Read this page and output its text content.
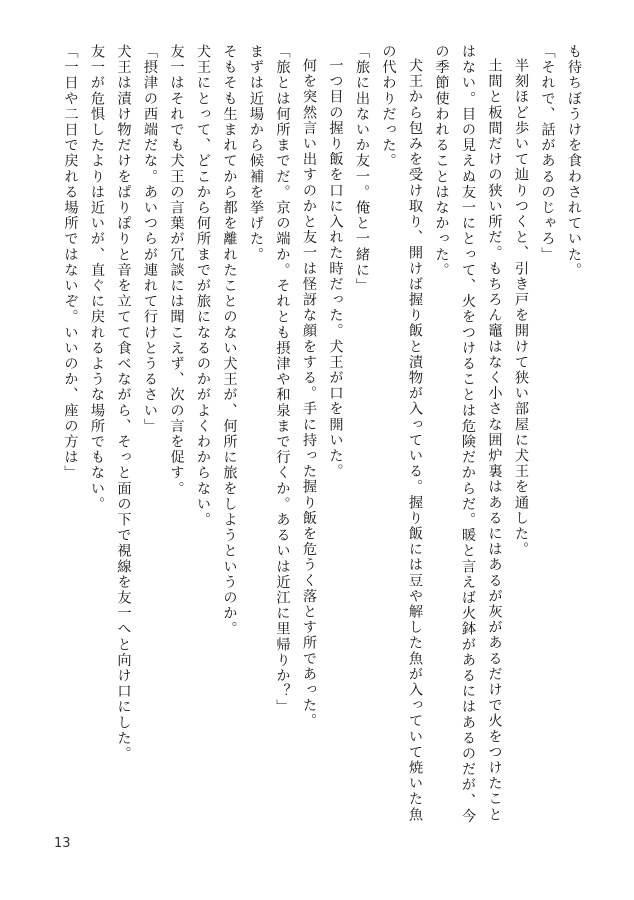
も待ちぼうけを食わされていた。
「それで、話があるのじゃろ」
半刻ほど歩いて辿りつくと、引き戸を開けて狭い部屋に犬王を通した。
土間と板間だけの狭い所だ。もちろん竈はなく小さな囲炉裏はあるにはあるが灰があるだけで火をつけたこと
はない。目の見えぬ友一にとって、火をつけることは危険だからだ。暖と言えば火鉢があるにはあるのだが、今
の季節使われることはなかった。
犬王から包みを受け取り、開けば握り飯と漬物が入っている。握り飯には豆や解した魚が入っていて焼いた魚
の代わりだった。
「旅に出ないか友一。俺と一緒に」
一つ目の握り飯を口に入れた時だった。犬王が口を開いた。
何を突然言い出すのかと友一は怪訝な顔をする。手に持った握り飯を危うく落とす所であった。
「旅とは何所までだ。京の端か。それとも摂津や和泉まで行くか。あるいは近江に里帰りか？」
まずは近場から候補を挙げた。
そもそも生まれてから都を離れたことのない犬王が、何所に旅をしようというのか。
犬王にとって、どこから何所までが旅になるのかがよくわからない。
友一はそれでも犬王の言葉が冗談には聞こえず、次の言を促す。
「摂津の西端だな。あいつらが連れて行けとうるさい」
犬王は漬け物だけをぱりぽりと音を立てて食べながら、そっと面の下で視線を友一へと向け口にした。
友一が危惧したよりは近いが、直ぐに戻れるような場所でもない。
「一日や二日で戻れる場所ではないぞ。いいのか、座の方は」
13
